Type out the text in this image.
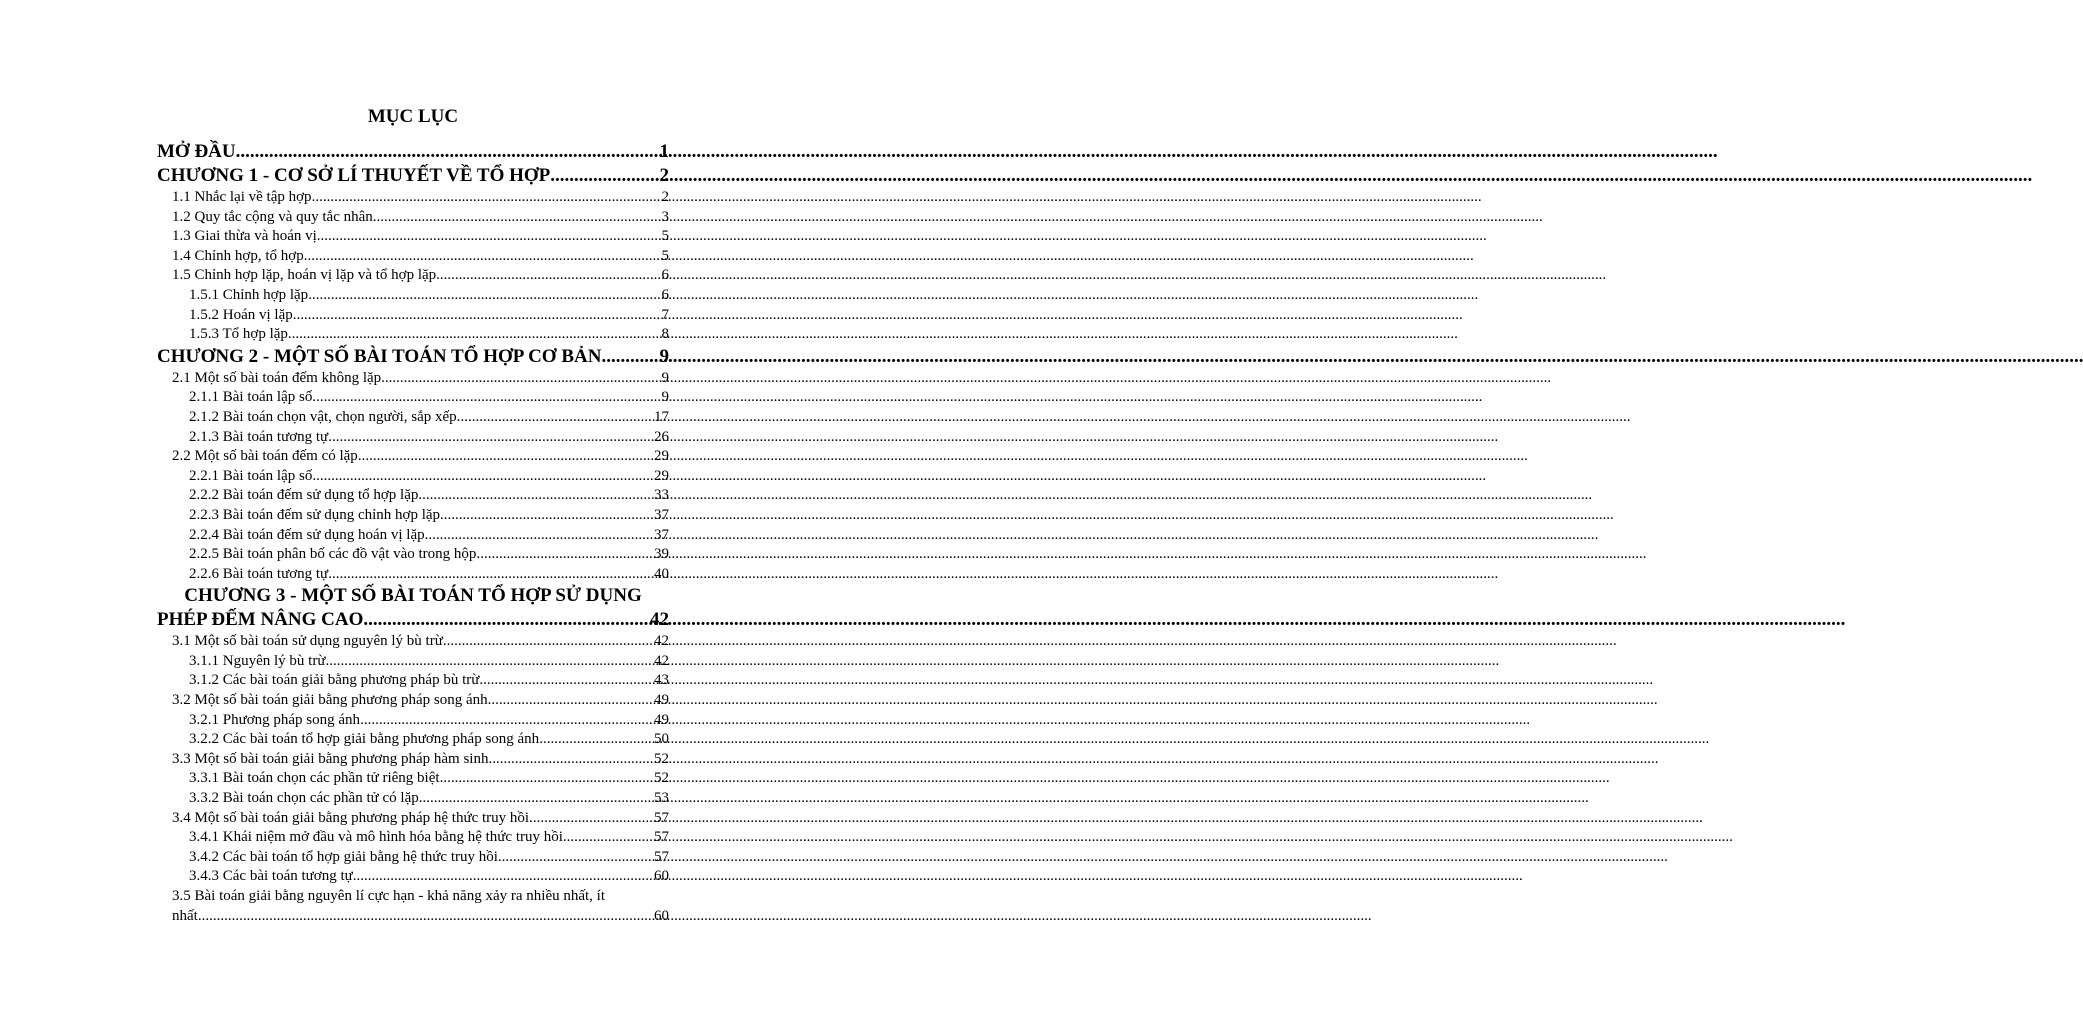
MỤC LỤC
MỞ ĐẦU .....	1
CHƯƠNG 1 - CƠ SỞ LÍ THUYẾT VỀ TỔ HỢP .....	2
1.1 Nhắc lại về tập hợp .....	2
1.2 Quy tắc cộng và quy tắc nhân .....	3
1.3 Giai thừa và hoán vị .....	5
1.4 Chỉnh hợp, tổ hợp .....	5
1.5 Chỉnh hợp lặp, hoán vị lặp và tổ hợp lặp .....	6
1.5.1 Chỉnh hợp lặp .....	6
1.5.2 Hoán vị lặp .....	7
1.5.3 Tổ hợp lặp .....	8
CHƯƠNG 2 - MỘT SỐ BÀI TOÁN TỔ HỢP CƠ BẢN .....	9
2.1 Một số bài toán đếm không lặp .....	9
2.1.1 Bài toán lập số .....	9
2.1.2 Bài toán chọn vật, chọn người, sắp xếp. .....	17
2.1.3 Bài toán tương tự .....	26
2.2 Một số bài toán đếm có lặp .....	29
2.2.1 Bài toán lập số. .....	29
2.2.2 Bài toán đếm sử dụng tổ hợp lặp. .....	33
2.2.3 Bài toán đếm sử dụng chỉnh hợp lặp. .....	37
2.2.4 Bài toán đếm sử dụng hoán vị lặp. .....	37
2.2.5 Bài toán phân bố các đồ vật vào trong hộp .....	39
2.2.6 Bài toán tương tự .....	40
CHƯƠNG 3 - MỘT SỐ BÀI TOÁN TỔ HỢP SỬ DỤNG
PHÉP ĐẾM NÂNG CAO .....	42
3.1 Một số bài toán sử dụng nguyên lý bù trừ. .....	42
3.1.1 Nguyên lý bù trừ. .....	42
3.1.2 Các bài toán giải bằng phương pháp bù trừ. .....	43
3.2 Một số bài toán giải bằng phương pháp song ánh .....	49
3.2.1 Phương pháp song ánh .....	49
3.2.2 Các bài toán tổ hợp giải bằng phương pháp song ánh .....	50
3.3 Một số bài toán giải bằng phương pháp hàm sinh .....	52
3.3.1 Bài toán chọn các phần tử riêng biệt .....	52
3.3.2 Bài toán chọn các phần tử có lặp .....	53
3.4 Một số bài toán giải bằng phương pháp hệ thức truy hồi. .....	57
3.4.1 Khái niệm mở đầu và mô hình hóa bằng hệ thức truy hồi .....	57
3.4.2 Các bài toán tổ hợp giải bằng hệ thức truy hồi .....	57
3.4.3 Các bài toán tương tự .....	60
3.5 Bài toán giải bằng nguyên lí cực hạn - khả năng xảy ra nhiều nhất, ít
nhất. .....	60
